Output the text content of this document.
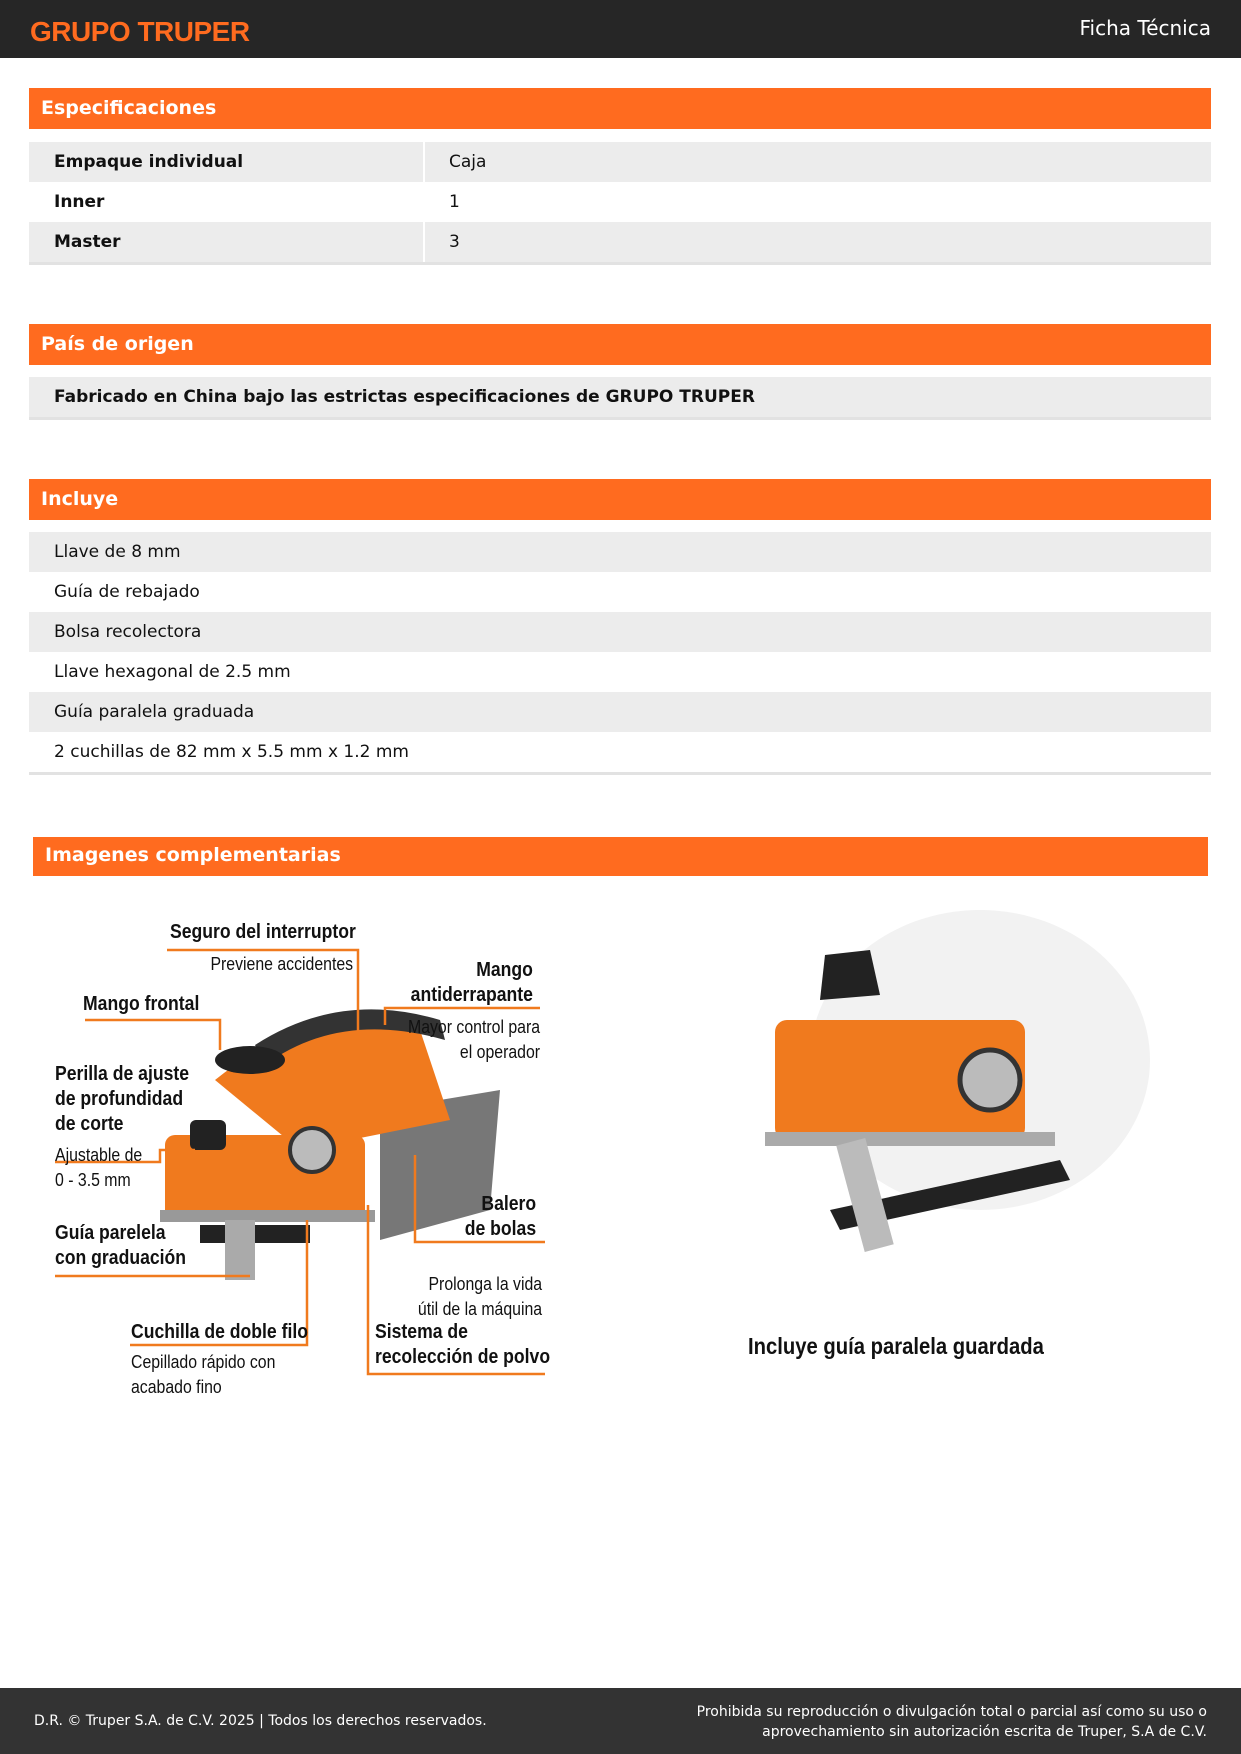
GRUPO TRUPER	Ficha Técnica
Especificaciones
Empaque individual	Caja
Inner	1
Master	3
País de origen
Fabricado en China bajo las estrictas especificaciones de GRUPO TRUPER
Incluye
Llave de 8 mm
Guía de rebajado
Bolsa recolectora
Llave hexagonal de 2.5 mm
Guía paralela graduada
2 cuchillas de 82 mm x 5.5 mm x 1.2 mm
Imagenes complementarias
Seguro del interruptor
Previene accidentes
Mango frontal
Mango
antiderrapante
Mayor control para
el operador
Perilla de ajuste
de profundidad
de corte
Ajustable de
0 - 3.5 mm
Guía parelela
con graduación
Balero
de bolas
Prolonga la vida
útil de la máquina
Cuchilla de doble filo
Cepillado rápido con
acabado fino
Sistema de
recolección de polvo	Incluye guía paralela guardada
D.R. © Truper S.A. de C.V. 2025 | Todos los derechos reservados.
Prohibida su reproducción o divulgación total o parcial así como su uso o
aprovechamiento sin autorización escrita de Truper, S.A de C.V.
